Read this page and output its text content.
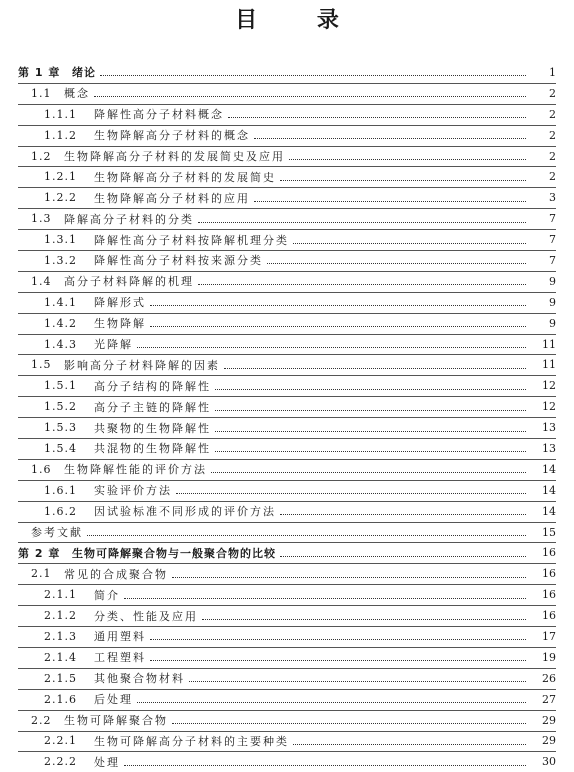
目 录
第 1 章	绪论	1
1.1	概念	2
1.1.1	降解性高分子材料概念	2
1.1.2	生物降解高分子材料的概念	2
1.2	生物降解高分子材料的发展简史及应用	2
1.2.1	生物降解高分子材料的发展简史	2
1.2.2	生物降解高分子材料的应用	3
1.3	降解高分子材料的分类	7
1.3.1	降解性高分子材料按降解机理分类	7
1.3.2	降解性高分子材料按来源分类	7
1.4	高分子材料降解的机理	9
1.4.1	降解形式	9
1.4.2	生物降解	9
1.4.3	光降解	11
1.5	影响高分子材料降解的因素	11
1.5.1	高分子结构的降解性	12
1.5.2	高分子主链的降解性	12
1.5.3	共聚物的生物降解性	13
1.5.4	共混物的生物降解性	13
1.6	生物降解性能的评价方法	14
1.6.1	实验评价方法	14
1.6.2	因试验标准不同形成的评价方法	14
参考文献	15
第 2 章	生物可降解聚合物与一般聚合物的比较	16
2.1	常见的合成聚合物	16
2.1.1	简介	16
2.1.2	分类、性能及应用	16
2.1.3	通用塑料	17
2.1.4	工程塑料	19
2.1.5	其他聚合物材料	26
2.1.6	后处理	27
2.2	生物可降解聚合物	29
2.2.1	生物可降解高分子材料的主要种类	29
2.2.2	处理	30
